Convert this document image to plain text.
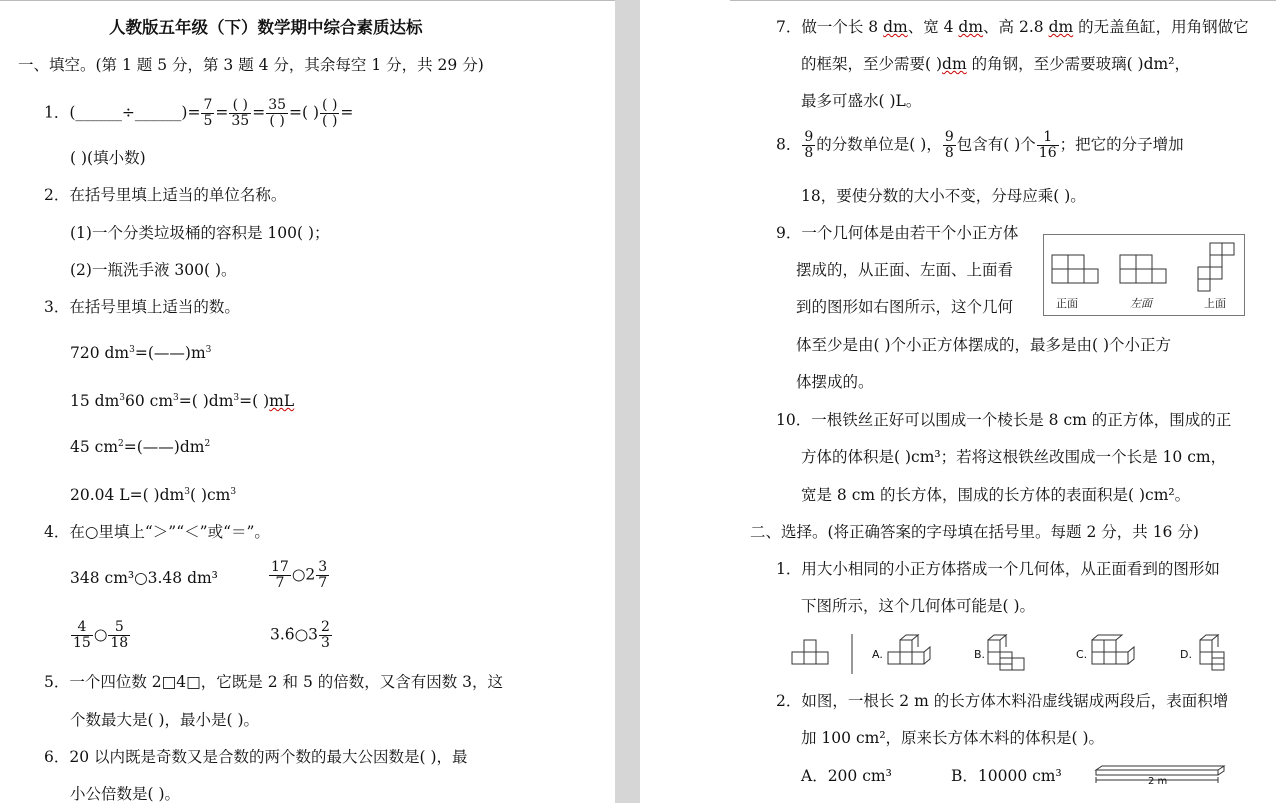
人教版五年级（下）数学期中综合素质达标
一、填空。(第 1 题 5 分，第 3 题 4 分，其余每空 1 分，共 29 分)
1．(______÷______)= $\frac{7}{5}$ = ( )
35 = 35
( ) =( ) ( )
( ) =
( )(填小数)
2．在括号里填上适当的单位名称。
(1)一个分类垃圾桶的容积是 100( )；
(2)一瓶洗手液 300( )。
3．在括号里填上适当的数。
720 $dm^3=(——)m^3$
15 $dm^360$ $cm^3=$( )$dm^3=$( )mL
45 $cm^2=(——)dm^2$
20.04 L=( )$dm^3$( )$cm^3$
4．在○里填上“＞”“＜”或“＝”。
348 cm³○3.48 dm³	$\frac{17}{7}$ ○2 $\frac{3}{7}$
$\frac{4}{15}$ ○ $\frac{5}{18}$	3.6̇○3 $\frac{2}{3}$
5．一个四位数 2□4□，它既是 2 和 5 的倍数，又含有因数 3，这
个数最大是( )，最小是( )。
6．20 以内既是奇数又是合数的两个数的最大公因数是( )，最
小公倍数是( )。
7．做一个长 8 dm、宽 4 dm、高 2.8 dm 的无盖鱼缸，用角钢做它
的框架，至少需要( )dm 的角钢，至少需要玻璃( )dm²，
最多可盛水( )L。
8． $\frac{9}{8}$ 的分数单位是( )， $\frac{9}{8}$ 包含有( )个 $\frac{1}{16}$ ；把它的分子增加
18，要使分数的大小不变，分母应乘( )。
9．一个几何体是由若干个小正方体
摆成的，从正面、左面、上面看
到的图形如右图所示，这个几何
体至少是由( )个小正方体摆成的，最多是由( )个小正方
体摆成的。
正面	左面	上面
10．一根铁丝正好可以围成一个棱长是 8 cm 的正方体，围成的正
方体的体积是( )cm³；若将这根铁丝改围成一个长是 10 cm，
宽是 8 cm 的长方体，围成的长方体的表面积是( )cm²。
二、选择。(将正确答案的字母填在括号里。每题 2 分，共 16 分)
1．用大小相同的小正方体搭成一个几何体，从正面看到的图形如
下图所示，这个几何体可能是( )。
A.	B.	C.	D.
2．如图，一根长 2 m 的长方体木料沿虚线锯成两段后，表面积增
加 100 cm²，原来长方体木料的体积是( )。
A．200 cm³	B．10000 cm³	2 m
